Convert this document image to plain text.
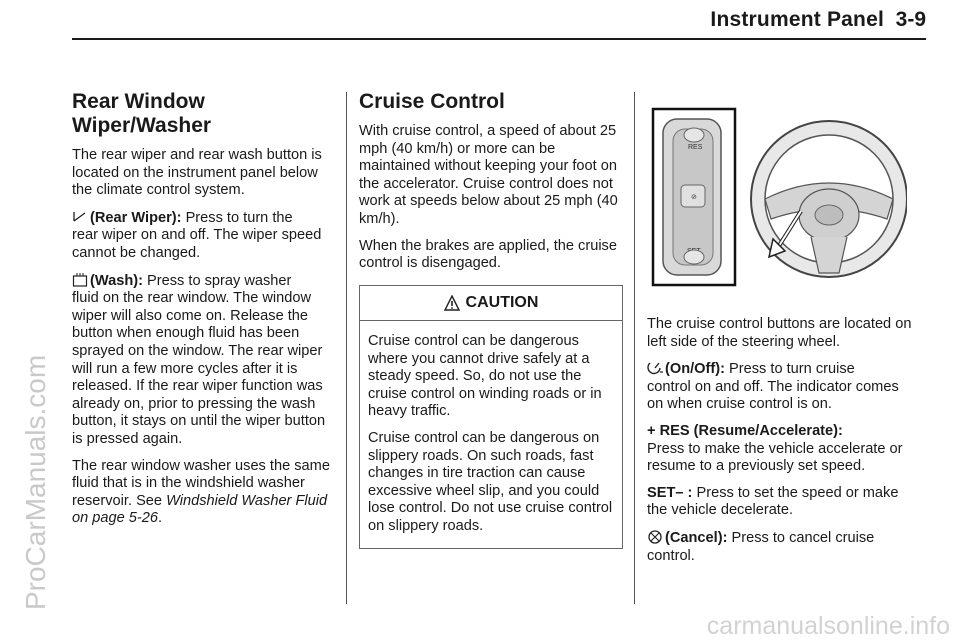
Instrument Panel 3-9
Rear Window Wiper/Washer

The rear wiper and rear wash button is located on the instrument panel below the climate control system.

(Rear Wiper): Press to turn the
rear wiper on and off. The wiper speed cannot be changed.

(Wash): Press to spray washer
fluid on the rear window. The window wiper will also come on. Release the button when enough fluid has been sprayed on the window. The rear wiper will run a few more cycles after it is released. If the rear wiper function was already on, prior to pressing the wash button, it stays on until the wiper button is pressed again.

The rear window washer uses the same fluid that is in the windshield washer reservoir. See Windshield Washer Fluid on page 5-26.

Cruise Control

With cruise control, a speed of about 25 mph (40 km/h) or more can be maintained without keeping your foot on the accelerator. Cruise control does not work at speeds below about 25 mph (40 km/h).

When the brakes are applied, the cruise control is disengaged.

CAUTION

Cruise control can be dangerous where you cannot drive safely at a steady speed. So, do not use the cruise control on winding roads or in heavy traffic.

Cruise control can be dangerous on slippery roads. On such roads, fast changes in tire traction can cause excessive wheel slip, and you could lose control. Do not use cruise control on slippery roads.

RES
⊘

The cruise control buttons are located on left side of the steering wheel.

(On/Off): Press to turn cruise
control on and off. The indicator comes on when cruise control is on.

+ RES (Resume/Accelerate):
Press to make the vehicle accelerate or resume to a previously set speed.

SET– : Press to set the speed or make the vehicle decelerate.

(Cancel): Press to cancel cruise
control.

ProCarManuals.com
carmanualsonline.info
